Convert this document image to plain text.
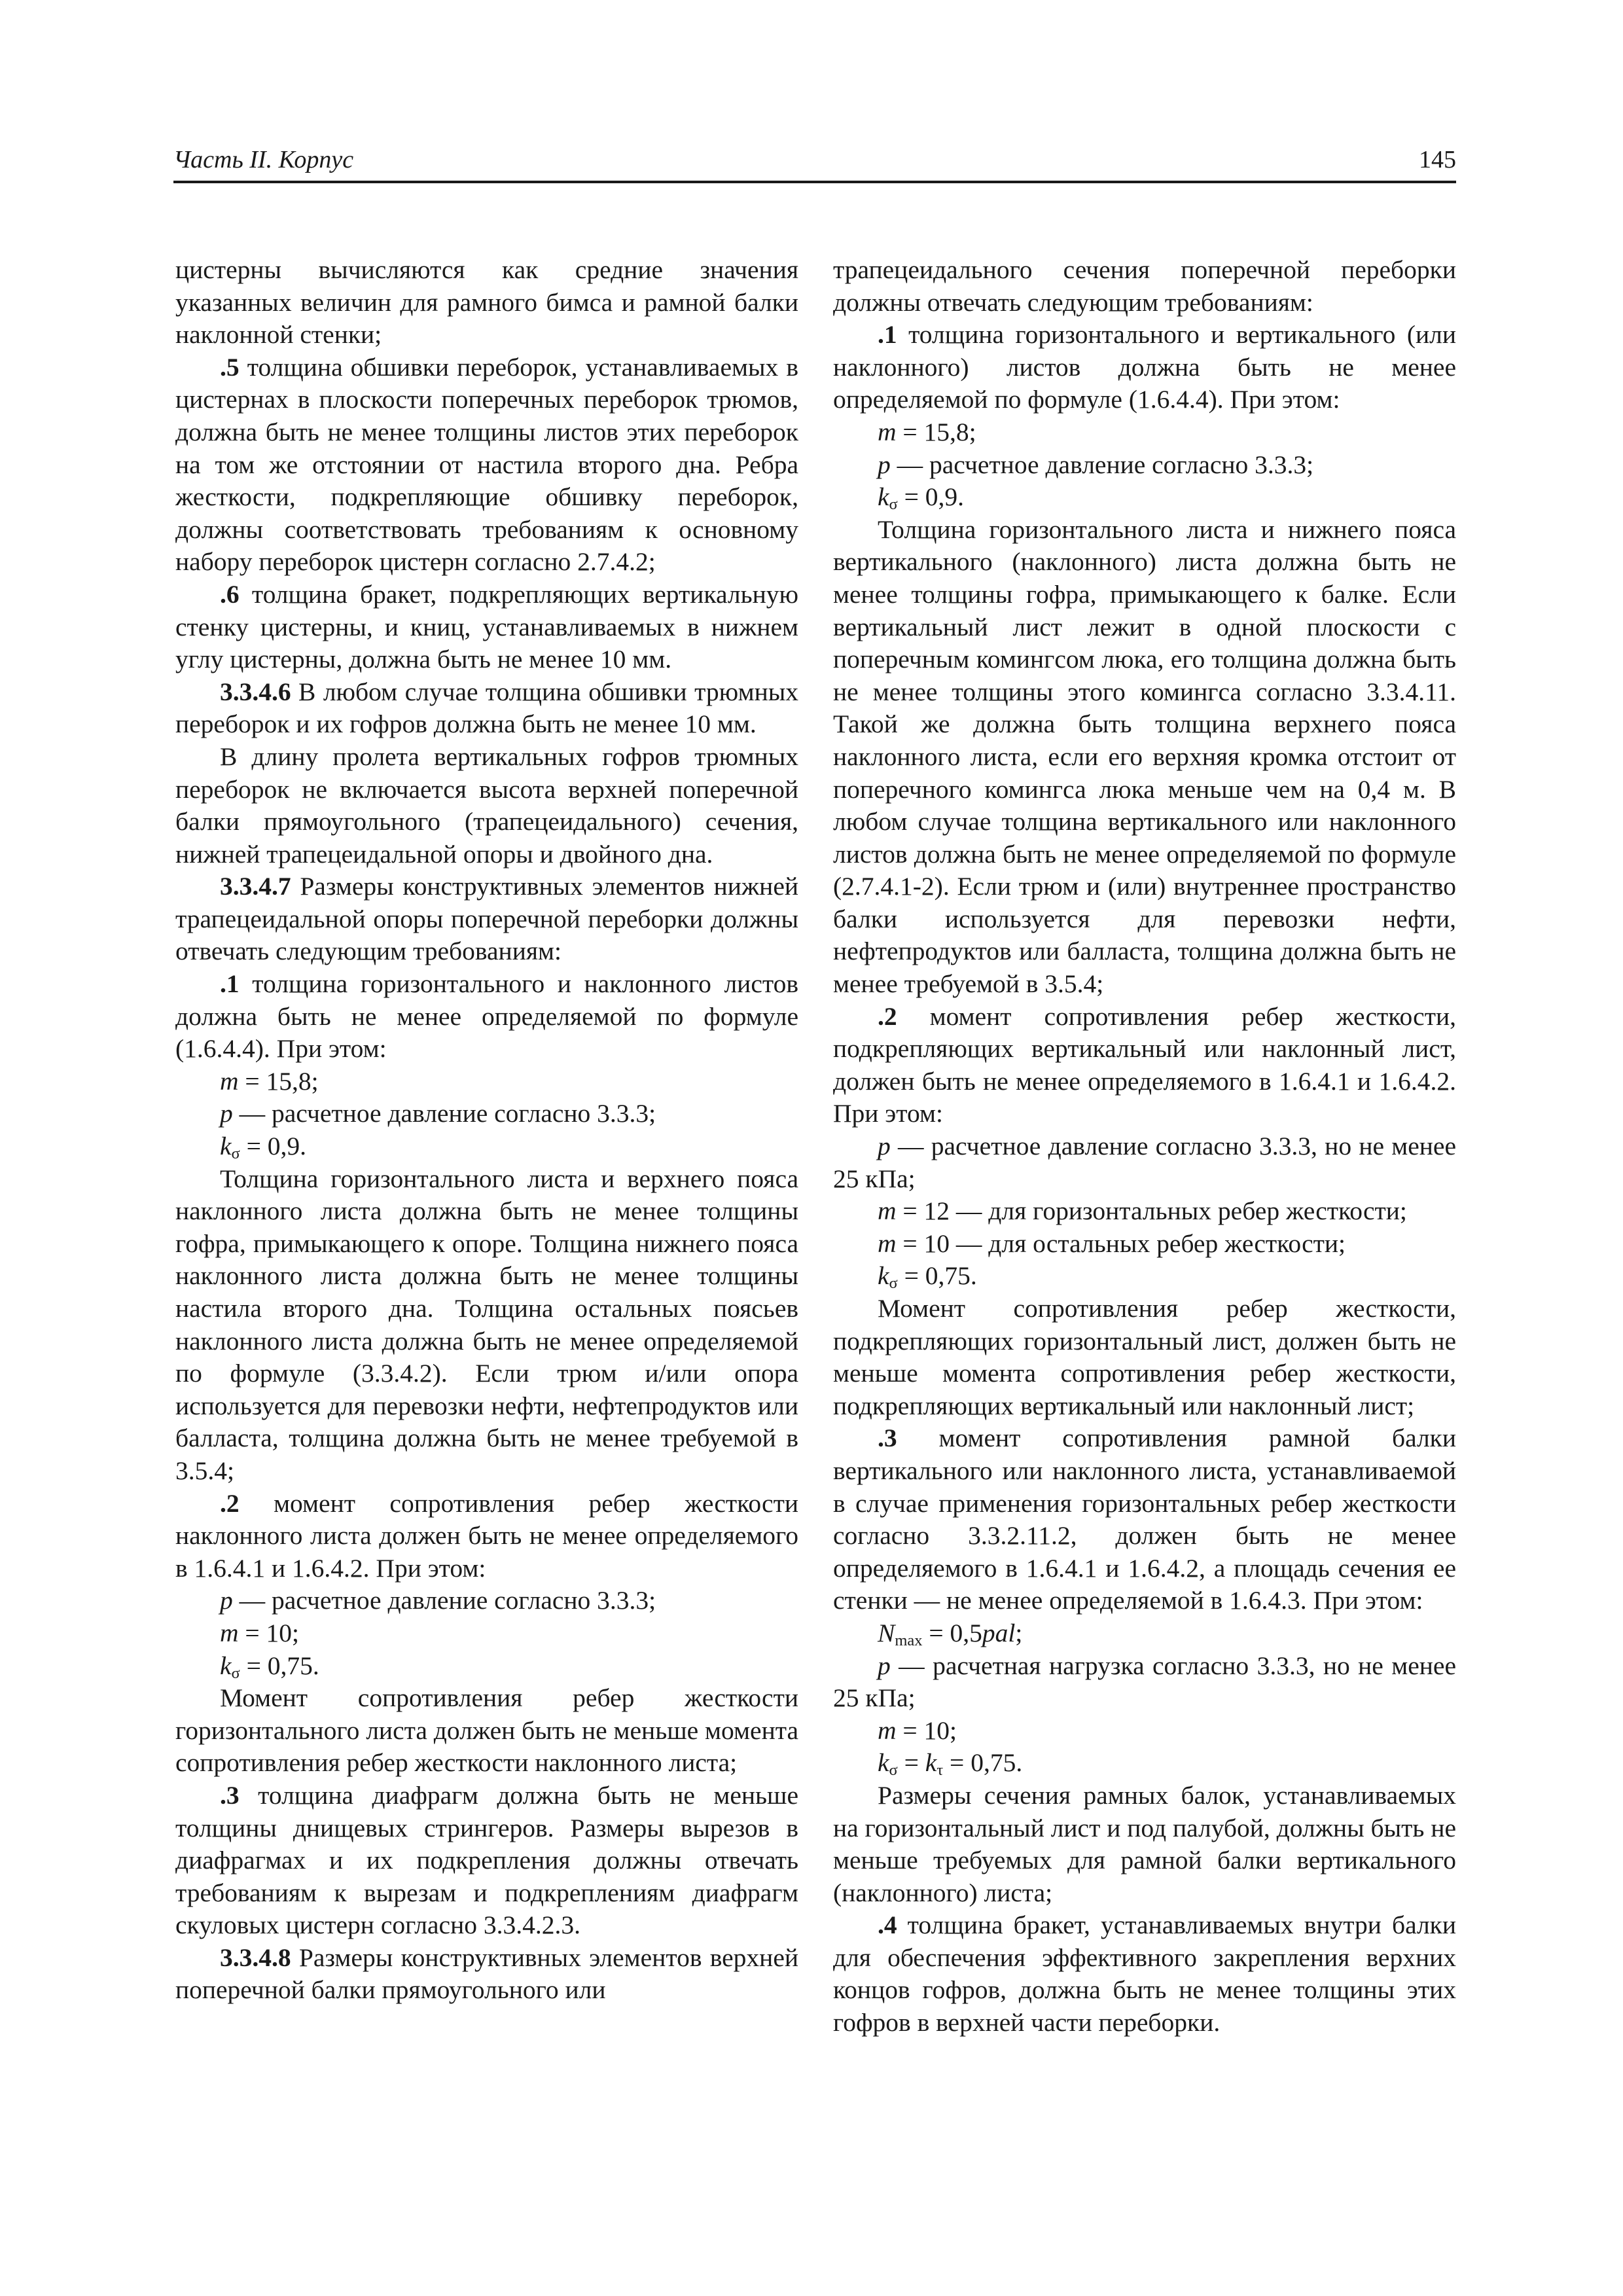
Часть II. Корпус	145

цистерны вычисляются как средние значения указанных величин для рамного бимса и рамной балки наклонной стенки;

.5 толщина обшивки переборок, устанавливаемых в цистернах в плоскости поперечных переборок трюмов, должна быть не менее толщины листов этих переборок на том же отстоянии от настила второго дна. Ребра жесткости, подкрепляющие обшивку переборок, должны соответствовать требованиям к основному набору переборок цистерн согласно 2.7.4.2;

.6 толщина бракет, подкрепляющих вертикальную стенку цистерны, и книц, устанавливаемых в нижнем углу цистерны, должна быть не менее 10 мм.

3.3.4.6 В любом случае толщина обшивки трюмных переборок и их гофров должна быть не менее 10 мм.

В длину пролета вертикальных гофров трюмных переборок не включается высота верхней поперечной балки прямоугольного (трапецеидального) сечения, нижней трапецеидальной опоры и двойного дна.

3.3.4.7 Размеры конструктивных элементов нижней трапецеидальной опоры поперечной переборки должны отвечать следующим требованиям:

.1 толщина горизонтального и наклонного листов должна быть не менее определяемой по формуле (1.6.4.4). При этом:

m = 15,8;

p — расчетное давление согласно 3.3.3;

$k_\sigma = 0,9$.

Толщина горизонтального листа и верхнего пояса наклонного листа должна быть не менее толщины гофра, примыкающего к опоре. Толщина нижнего пояса наклонного листа должна быть не менее толщины настила второго дна. Толщина остальных поясьев наклонного листа должна быть не менее определяемой по формуле (3.3.4.2). Если трюм и/или опора используется для перевозки нефти, нефтепродуктов или балласта, толщина должна быть не менее требуемой в 3.5.4;

.2 момент сопротивления ребер жесткости наклонного листа должен быть не менее определяемого в 1.6.4.1 и 1.6.4.2. При этом:

p — расчетное давление согласно 3.3.3;

m = 10;

$k_\sigma = 0,75$.

Момент сопротивления ребер жесткости горизонтального листа должен быть не меньше момента сопротивления ребер жесткости наклонного листа;

.3 толщина диафрагм должна быть не меньше толщины днищевых стрингеров. Размеры вырезов в диафрагмах и их подкрепления должны отвечать требованиям к вырезам и подкреплениям диафрагм скуловых цистерн согласно 3.3.4.2.3.

3.3.4.8 Размеры конструктивных элементов верхней поперечной балки прямоугольного или

трапецеидального сечения поперечной переборки должны отвечать следующим требованиям:

.1 толщина горизонтального и вертикального (или наклонного) листов должна быть не менее определяемой по формуле (1.6.4.4). При этом:

m = 15,8;

p — расчетное давление согласно 3.3.3;

$k_\sigma = 0,9$.

Толщина горизонтального листа и нижнего пояса вертикального (наклонного) листа должна быть не менее толщины гофра, примыкающего к балке. Если вертикальный лист лежит в одной плоскости с поперечным комингсом люка, его толщина должна быть не менее толщины этого комингса согласно 3.3.4.11. Такой же должна быть толщина верхнего пояса наклонного листа, если его верхняя кромка отстоит от поперечного комингса люка меньше чем на 0,4 м. В любом случае толщина вертикального или наклонного листов должна быть не менее определяемой по формуле (2.7.4.1-2). Если трюм и (или) внутреннее пространство балки используется для перевозки нефти, нефтепродуктов или балласта, толщина должна быть не менее требуемой в 3.5.4;

.2 момент сопротивления ребер жесткости, подкрепляющих вертикальный или наклонный лист, должен быть не менее определяемого в 1.6.4.1 и 1.6.4.2. При этом:

p — расчетное давление согласно 3.3.3, но не менее 25 кПа;

m = 12 — для горизонтальных ребер жесткости;

m = 10 — для остальных ребер жесткости;

$k_\sigma = 0,75$.

Момент сопротивления ребер жесткости, подкрепляющих горизонтальный лист, должен быть не меньше момента сопротивления ребер жесткости, подкрепляющих вертикальный или наклонный лист;

.3 момент сопротивления рамной балки вертикального или наклонного листа, устанавливаемой в случае применения горизонтальных ребер жесткости согласно 3.3.2.11.2, должен быть не менее определяемого в 1.6.4.1 и 1.6.4.2, а площадь сечения ее стенки — не менее определяемой в 1.6.4.3. При этом:

$N_{max} = 0,5pal$;

p — расчетная нагрузка согласно 3.3.3, но не менее 25 кПа;

m = 10;

$k_\sigma = k_\tau = 0,75$.

Размеры сечения рамных балок, устанавливаемых на горизонтальный лист и под палубой, должны быть не меньше требуемых для рамной балки вертикального (наклонного) листа;

.4 толщина бракет, устанавливаемых внутри балки для обеспечения эффективного закрепления верхних концов гофров, должна быть не менее толщины этих гофров в верхней части переборки.
